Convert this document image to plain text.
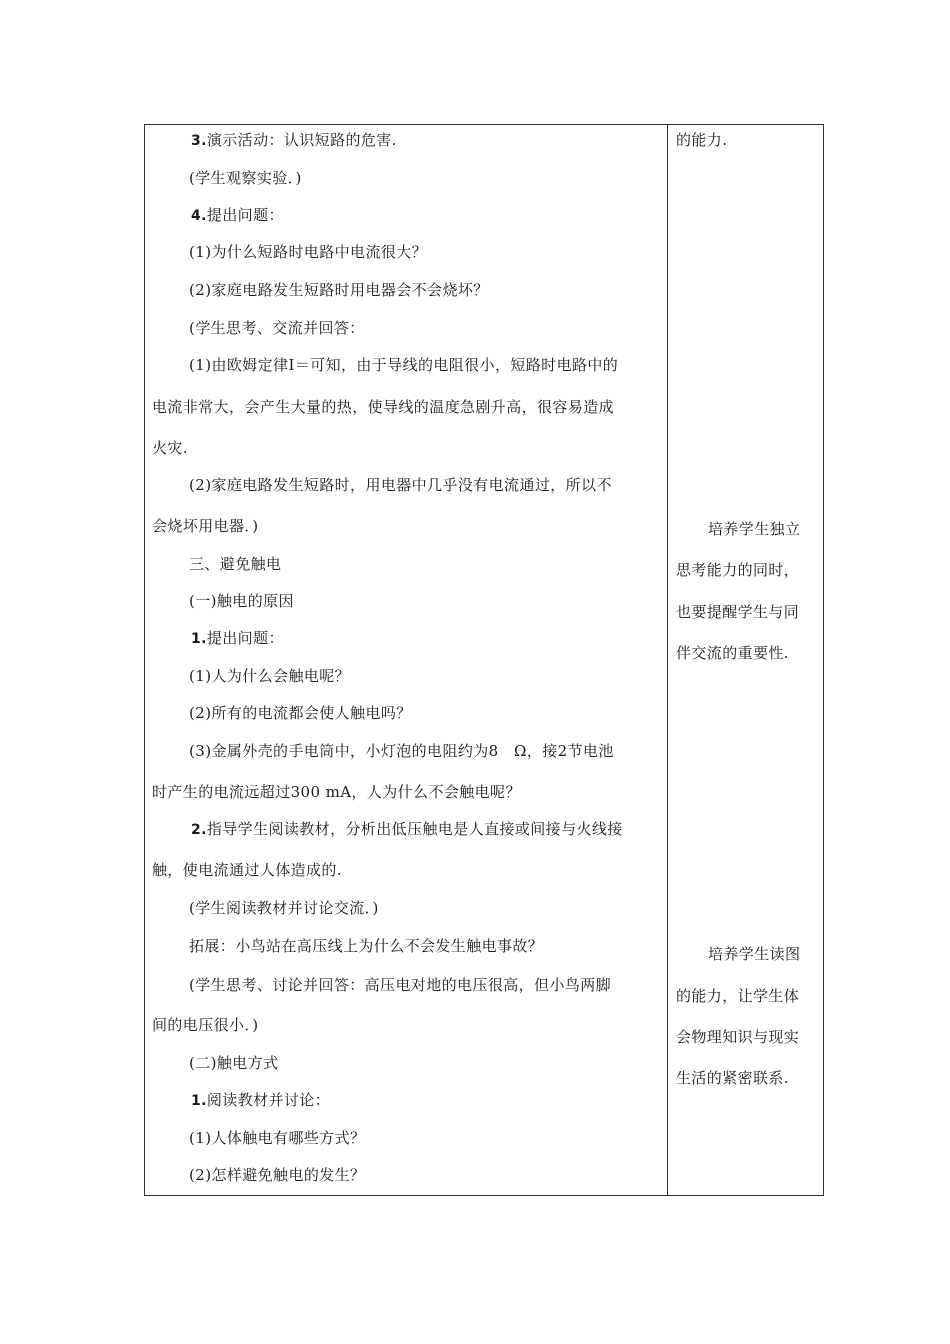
3.演示活动：认识短路的危害.
(学生观察实验．)
4.提出问题：
(1)为什么短路时电路中电流很大？
(2)家庭电路发生短路时用电器会不会烧坏？
(学生思考、交流并回答：
(1)由欧姆定律I＝可知，由于导线的电阻很小，短路时电路中的
电流非常大，会产生大量的热，使导线的温度急剧升高，很容易造成
火灾.
(2)家庭电路发生短路时，用电器中几乎没有电流通过，所以不
会烧坏用电器．)
三、避免触电
(一)触电的原因
1.提出问题：
(1)人为什么会触电呢？
(2)所有的电流都会使人触电吗？
(3)金属外壳的手电筒中，小灯泡的电阻约为8　Ω，接2节电池
时产生的电流远超过300 mA，人为什么不会触电呢？
2.指导学生阅读教材，分析出低压触电是人直接或间接与火线接
触，使电流通过人体造成的.
(学生阅读教材并讨论交流．)
拓展：小鸟站在高压线上为什么不会发生触电事故？
(学生思考、讨论并回答：高压电对地的电压很高，但小鸟两脚
间的电压很小．)
(二)触电方式
1.阅读教材并讨论：
(1)人体触电有哪些方式？
(2)怎样避免触电的发生？
的能力.
培养学生独立
思考能力的同时，
也要提醒学生与同
伴交流的重要性.
培养学生读图
的能力，让学生体
会物理知识与现实
生活的紧密联系.
